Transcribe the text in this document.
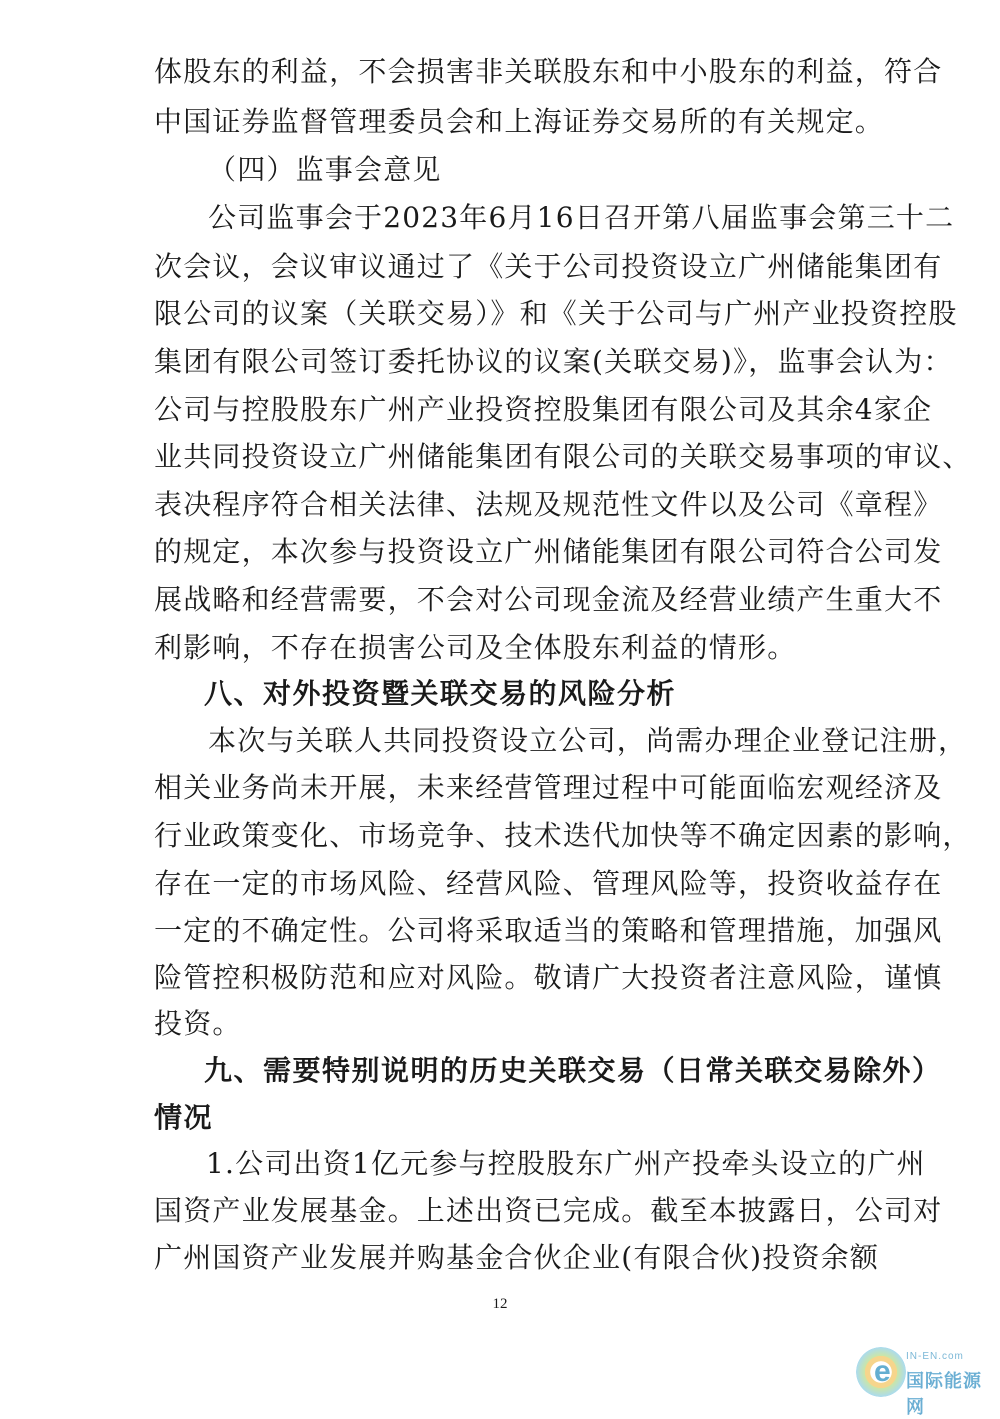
体股东的利益，不会损害非关联股东和中小股东的利益，符合
中国证券监督管理委员会和上海证券交易所的有关规定。
（四）监事会意见
公司监事会于2023年6月16日召开第八届监事会第三十二
次会议，会议审议通过了《关于公司投资设立广州储能集团有
限公司的议案（关联交易）》和《关于公司与广州产业投资控股
集团有限公司签订委托协议的议案(关联交易)》，监事会认为：
公司与控股股东广州产业投资控股集团有限公司及其余4家企
业共同投资设立广州储能集团有限公司的关联交易事项的审议、
表决程序符合相关法律、法规及规范性文件以及公司《章程》
的规定，本次参与投资设立广州储能集团有限公司符合公司发
展战略和经营需要，不会对公司现金流及经营业绩产生重大不
利影响，不存在损害公司及全体股东利益的情形。
八、对外投资暨关联交易的风险分析
本次与关联人共同投资设立公司，尚需办理企业登记注册，
相关业务尚未开展，未来经营管理过程中可能面临宏观经济及
行业政策变化、市场竞争、技术迭代加快等不确定因素的影响，
存在一定的市场风险、经营风险、管理风险等，投资收益存在
一定的不确定性。公司将采取适当的策略和管理措施，加强风
险管控积极防范和应对风险。敬请广大投资者注意风险，谨慎
投资。
九、需要特别说明的历史关联交易（日常关联交易除外）
情况
1.公司出资1亿元参与控股股东广州产投牵头设立的广州
国资产业发展基金。上述出资已完成。截至本披露日，公司对
广州国资产业发展并购基金合伙企业(有限合伙)投资余额
12
e IN-EN.com
国际能源网
